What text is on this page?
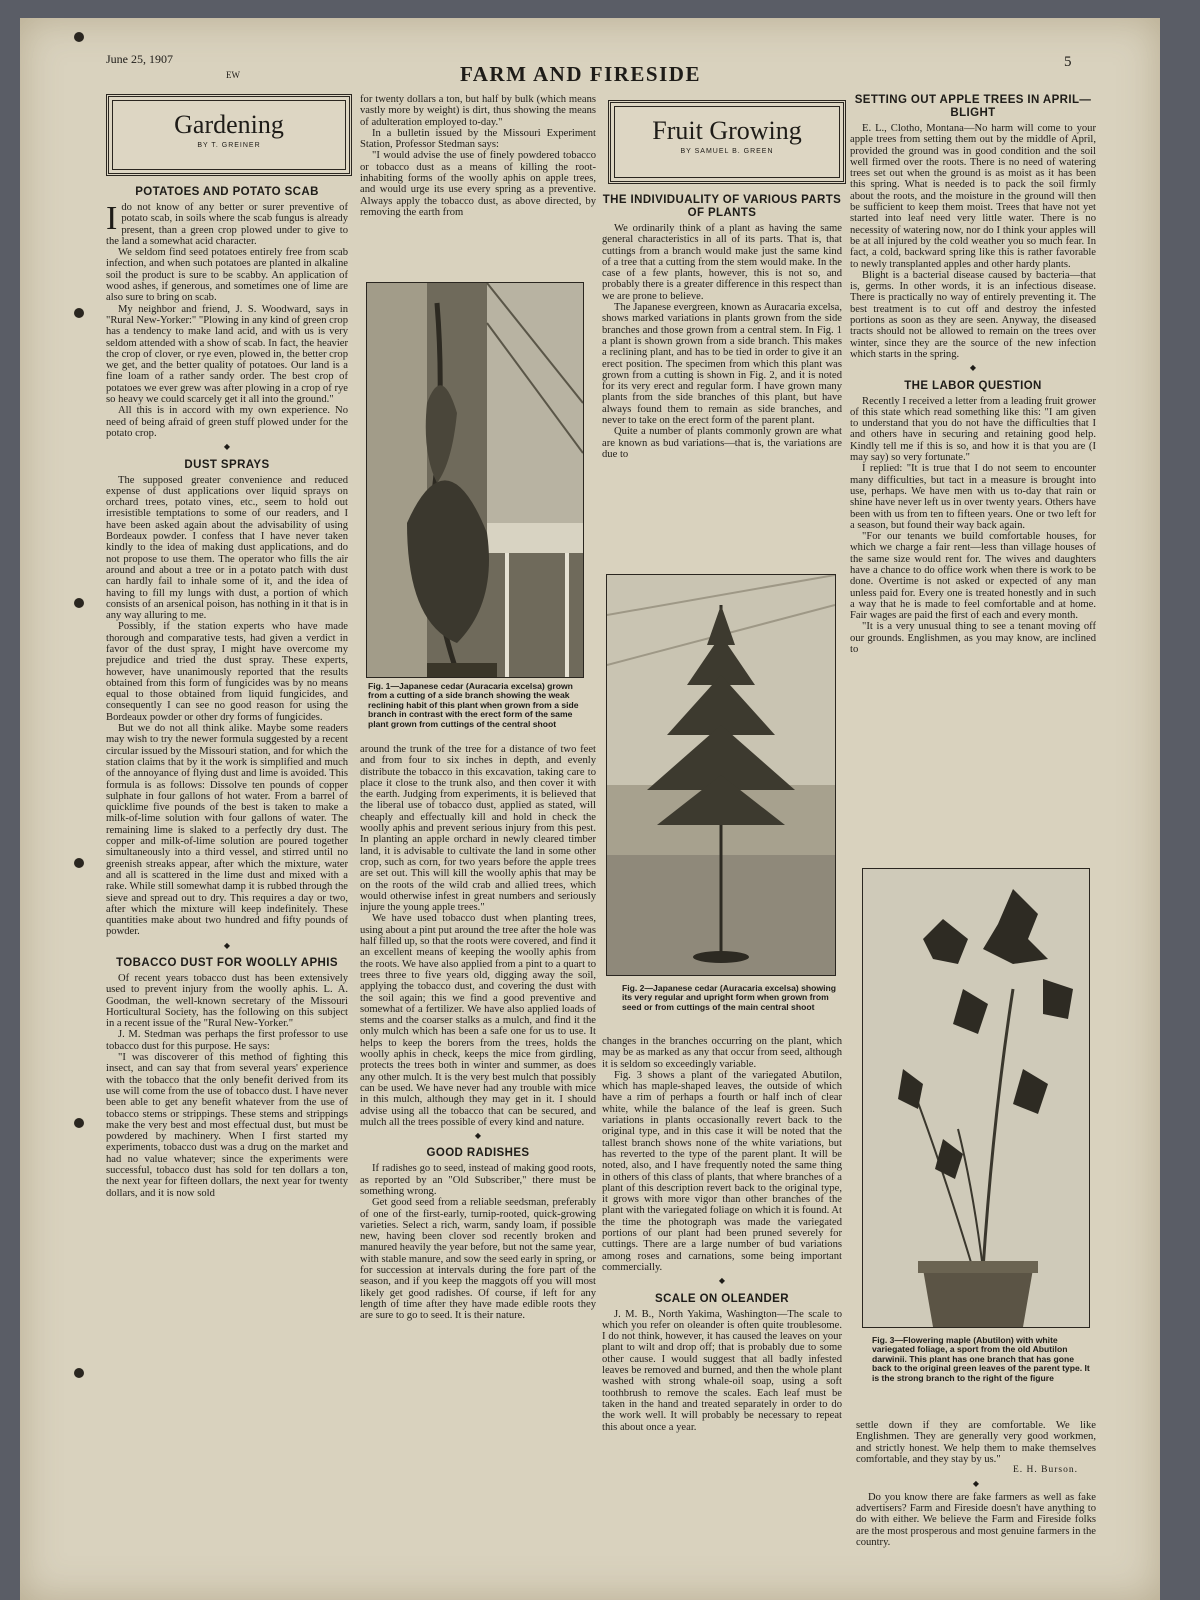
June 25, 1907
EW	FARM AND FIRESIDE	5
Gardening
BY T. GREINER
POTATOES AND POTATO SCAB

Ido not know of any better or surer preventive of potato scab, in soils where the scab fungus is already present, than a green crop plowed under to give to the land a somewhat acid character.

We seldom find seed potatoes entirely free from scab infection, and when such potatoes are planted in alkaline soil the product is sure to be scabby. An application of wood ashes, if generous, and sometimes one of lime are also sure to bring on scab.

My neighbor and friend, J. S. Woodward, says in "Rural New-Yorker:" "Plowing in any kind of green crop has a tendency to make land acid, and with us is very seldom attended with a show of scab. In fact, the heavier the crop of clover, or rye even, plowed in, the better crop we get, and the better quality of potatoes. Our land is a fine loam of a rather sandy order. The best crop of potatoes we ever grew was after plowing in a crop of rye so heavy we could scarcely get it all into the ground."

All this is in accord with my own experience. No need of being afraid of green stuff plowed under for the potato crop.

◆
DUST SPRAYS

The supposed greater convenience and reduced expense of dust applications over liquid sprays on orchard trees, potato vines, etc., seem to hold out irresistible temptations to some of our readers, and I have been asked again about the advisability of using Bordeaux powder. I confess that I have never taken kindly to the idea of making dust applications, and do not propose to use them. The operator who fills the air around and about a tree or in a potato patch with dust can hardly fail to inhale some of it, and the idea of having to fill my lungs with dust, a portion of which consists of an arsenical poison, has nothing in it that is in any way alluring to me.

Possibly, if the station experts who have made thorough and comparative tests, had given a verdict in favor of the dust spray, I might have overcome my prejudice and tried the dust spray. These experts, however, have unanimously reported that the results obtained from this form of fungicides was by no means equal to those obtained from liquid fungicides, and consequently I can see no good reason for using the Bordeaux powder or other dry forms of fungicides.

But we do not all think alike. Maybe some readers may wish to try the newer formula suggested by a recent circular issued by the Missouri station, and for which the station claims that by it the work is simplified and much of the annoyance of flying dust and lime is avoided. This formula is as follows: Dissolve ten pounds of copper sulphate in four gallons of hot water. From a barrel of quicklime five pounds of the best is taken to make a milk-of-lime solution with four gallons of water. The remaining lime is slaked to a perfectly dry dust. The copper and milk-of-lime solution are poured together simultaneously into a third vessel, and stirred until no greenish streaks appear, after which the mixture, water and all is scattered in the lime dust and mixed with a rake. While still somewhat damp it is rubbed through the sieve and spread out to dry. This requires a day or two, after which the mixture will keep indefinitely. These quantities make about two hundred and fifty pounds of powder.

◆
TOBACCO DUST FOR WOOLLY APHIS

Of recent years tobacco dust has been extensively used to prevent injury from the woolly aphis. L. A. Goodman, the well-known secretary of the Missouri Horticultural Society, has the following on this subject in a recent issue of the "Rural New-Yorker."

J. M. Stedman was perhaps the first professor to use tobacco dust for this purpose. He says:

"I was discoverer of this method of fighting this insect, and can say that from several years' experience with the tobacco that the only benefit derived from its use will come from the use of tobacco dust. I have never been able to get any benefit whatever from the use of tobacco stems or strippings. These stems and strippings make the very best and most effectual dust, but must be powdered by machinery. When I first started my experiments, tobacco dust was a drug on the market and had no value whatever; since the experiments were successful, tobacco dust has sold for ten dollars a ton, the next year for fifteen dollars, the next year for twenty dollars, and it is now sold

for twenty dollars a ton, but half by bulk (which means vastly more by weight) is dirt, thus showing the means of adulteration employed to-day."

In a bulletin issued by the Missouri Experiment Station, Professor Stedman says:

"I would advise the use of finely powdered tobacco or tobacco dust as a means of killing the root-inhabiting forms of the woolly aphis on apple trees, and would urge its use every spring as a preventive. Always apply the tobacco dust, as above directed, by removing the earth from

Fig. 1—Japanese cedar (Auracaria excelsa) grown from a cutting of a side branch showing the weak reclining habit of this plant when grown from a side branch in contrast with the erect form of the same plant grown from cuttings of the central shoot

around the trunk of the tree for a distance of two feet and from four to six inches in depth, and evenly distribute the tobacco in this excavation, taking care to place it close to the trunk also, and then cover it with the earth. Judging from experiments, it is believed that the liberal use of tobacco dust, applied as stated, will cheaply and effectually kill and hold in check the woolly aphis and prevent serious injury from this pest. In planting an apple orchard in newly cleared timber land, it is advisable to cultivate the land in some other crop, such as corn, for two years before the apple trees are set out. This will kill the woolly aphis that may be on the roots of the wild crab and allied trees, which would otherwise infest in great numbers and seriously injure the young apple trees."

We have used tobacco dust when planting trees, using about a pint put around the tree after the hole was half filled up, so that the roots were covered, and find it an excellent means of keeping the woolly aphis from the roots. We have also applied from a pint to a quart to trees three to five years old, digging away the soil, applying the tobacco dust, and covering the dust with the soil again; this we find a good preventive and somewhat of a fertilizer. We have also applied loads of stems and the coarser stalks as a mulch, and find it the only mulch which has been a safe one for us to use. It helps to keep the borers from the trees, holds the woolly aphis in check, keeps the mice from girdling, protects the trees both in winter and summer, as does any other mulch. It is the very best mulch that possibly can be used. We have never had any trouble with mice in this mulch, although they may get in it. I should advise using all the tobacco that can be secured, and mulch all the trees possible of every kind and nature.

◆
GOOD RADISHES

If radishes go to seed, instead of making good roots, as reported by an "Old Subscriber," there must be something wrong.

Get good seed from a reliable seedsman, preferably of one of the first-early, turnip-rooted, quick-growing varieties. Select a rich, warm, sandy loam, if possible new, having been clover sod recently broken and manured heavily the year before, but not the same year, with stable manure, and sow the seed early in spring, or for succession at intervals during the fore part of the season, and if you keep the maggots off you will most likely get good radishes. Of course, if left for any length of time after they have made edible roots they are sure to go to seed. It is their nature.

Fruit Growing
BY SAMUEL B. GREEN
THE INDIVIDUALITY OF VARIOUS PARTS OF PLANTS

We ordinarily think of a plant as having the same general characteristics in all of its parts. That is, that cuttings from a branch would make just the same kind of a tree that a cutting from the stem would make. In the case of a few plants, however, this is not so, and probably there is a greater difference in this respect than we are prone to believe.

The Japanese evergreen, known as Auracaria excelsa, shows marked variations in plants grown from the side branches and those grown from a central stem. In Fig. 1 a plant is shown grown from a side branch. This makes a reclining plant, and has to be tied in order to give it an erect position. The specimen from which this plant was grown from a cutting is shown in Fig. 2, and it is noted for its very erect and regular form. I have grown many plants from the side branches of this plant, but have always found them to remain as side branches, and never to take on the erect form of the parent plant.

Quite a number of plants commonly grown are what are known as bud variations—that is, the variations are due to

Fig. 2—Japanese cedar (Auracaria excelsa) showing its very regular and upright form when grown from seed or from cuttings of the main central shoot

changes in the branches occurring on the plant, which may be as marked as any that occur from seed, although it is seldom so exceedingly variable.

Fig. 3 shows a plant of the variegated Abutilon, which has maple-shaped leaves, the outside of which have a rim of perhaps a fourth or half inch of clear white, while the balance of the leaf is green. Such variations in plants occasionally revert back to the original type, and in this case it will be noted that the tallest branch shows none of the white variations, but has reverted to the type of the parent plant. It will be noted, also, and I have frequently noted the same thing in others of this class of plants, that where branches of a plant of this description revert back to the original type, it grows with more vigor than other branches of the plant with the variegated foliage on which it is found. At the time the photograph was made the variegated portions of our plant had been pruned severely for cuttings. There are a large number of bud variations among roses and carnations, some being important commercially.

◆
SCALE ON OLEANDER

J. M. B., North Yakima, Washington—The scale to which you refer on oleander is often quite troublesome. I do not think, however, it has caused the leaves on your plant to wilt and drop off; that is probably due to some other cause. I would suggest that all badly infested leaves be removed and burned, and then the whole plant washed with strong whale-oil soap, using a soft toothbrush to remove the scales. Each leaf must be taken in the hand and treated separately in order to do the work well. It will probably be necessary to repeat this about once a year.

SETTING OUT APPLE TREES IN APRIL—BLIGHT

E. L., Clotho, Montana—No harm will come to your apple trees from setting them out by the middle of April, provided the ground was in good condition and the soil well firmed over the roots. There is no need of watering trees set out when the ground is as moist as it has been this spring. What is needed is to pack the soil firmly about the roots, and the moisture in the ground will then be sufficient to keep them moist. Trees that have not yet started into leaf need very little water. There is no necessity of watering now, nor do I think your apples will be at all injured by the cold weather you so much fear. In fact, a cold, backward spring like this is rather favorable to newly transplanted apples and other hardy plants.

Blight is a bacterial disease caused by bacteria—that is, germs. In other words, it is an infectious disease. There is practically no way of entirely preventing it. The best treatment is to cut off and destroy the infested portions as soon as they are seen. Anyway, the diseased tracts should not be allowed to remain on the trees over winter, since they are the source of the new infection which starts in the spring.

◆
THE LABOR QUESTION

Recently I received a letter from a leading fruit grower of this state which read something like this: "I am given to understand that you do not have the difficulties that I and others have in securing and retaining good help. Kindly tell me if this is so, and how it is that you are (I may say) so very fortunate."

I replied: "It is true that I do not seem to encounter many difficulties, but tact in a measure is brought into use, perhaps. We have men with us to-day that rain or shine have never left us in over twenty years. Others have been with us from ten to fifteen years. One or two left for a season, but found their way back again.

"For our tenants we build comfortable houses, for which we charge a fair rent—less than village houses of the same size would rent for. The wives and daughters have a chance to do office work when there is work to be done. Overtime is not asked or expected of any man unless paid for. Every one is treated honestly and in such a way that he is made to feel comfortable and at home. Fair wages are paid the first of each and every month.

"It is a very unusual thing to see a tenant moving off our grounds. Englishmen, as you may know, are inclined to

Fig. 3—Flowering maple (Abutilon) with white variegated foliage, a sport from the old Abutilon darwinii. This plant has one branch that has gone back to the original green leaves of the parent type. It is the strong branch to the right of the figure

settle down if they are comfortable. We like Englishmen. They are generally very good workmen, and strictly honest. We help them to make themselves comfortable, and they stay by us."

E. H. Burson.
◆

Do you know there are fake farmers as well as fake advertisers? Farm and Fireside doesn't have anything to do with either. We believe the Farm and Fireside folks are the most prosperous and most genuine farmers in the country.
